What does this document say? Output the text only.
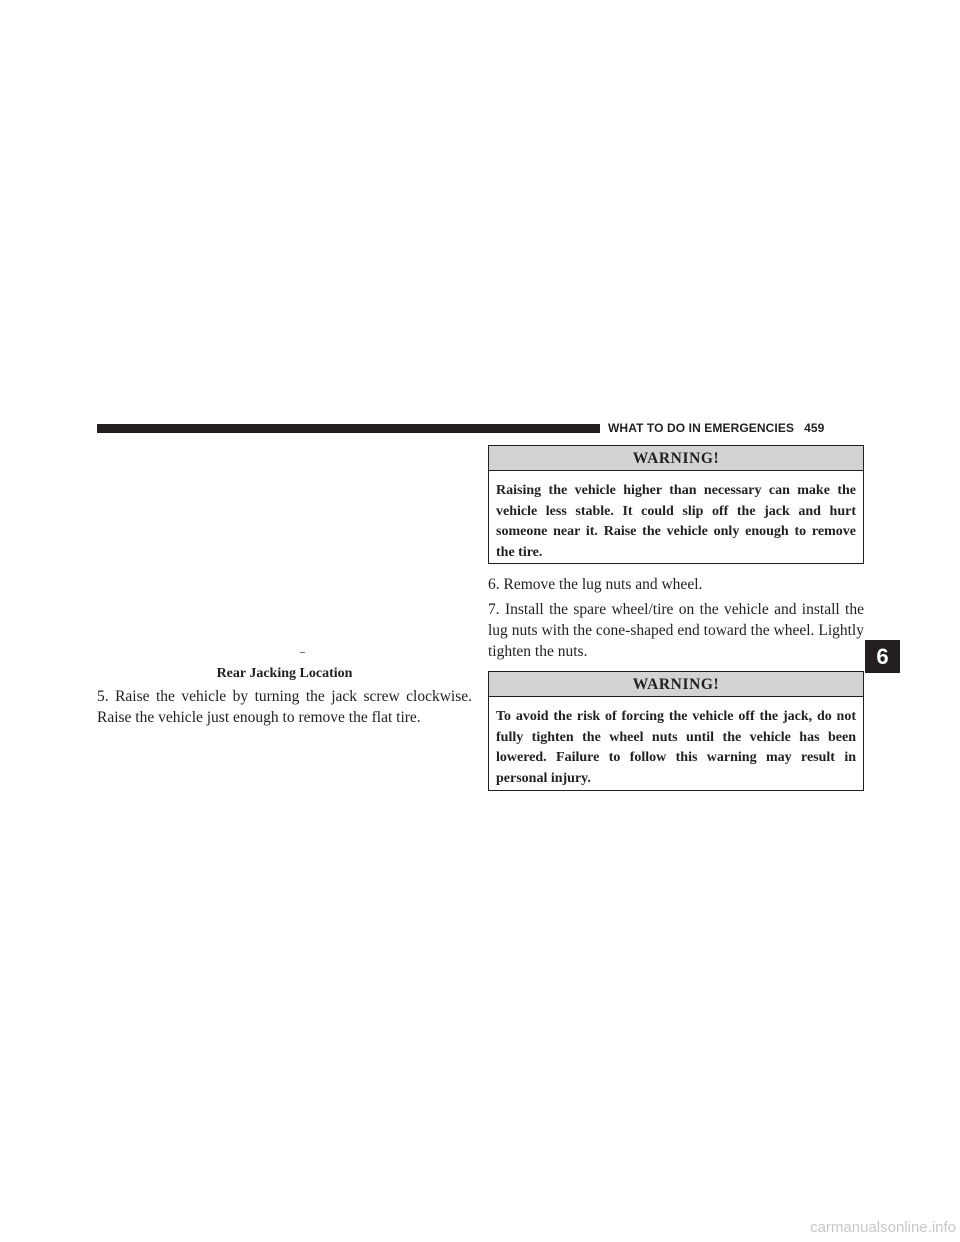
WHAT TO DO IN EMERGENCIES 459
Rear Jacking Location

5. Raise the vehicle by turning the jack screw clockwise. Raise the vehicle just enough to remove the flat tire.

WARNING!
Raising the vehicle higher than necessary can make the vehicle less stable. It could slip off the jack and hurt someone near it. Raise the vehicle only enough to remove the tire.

6. Remove the lug nuts and wheel.

7. Install the spare wheel/tire on the vehicle and install the lug nuts with the cone-shaped end toward the wheel. Lightly tighten the nuts.

WARNING!
To avoid the risk of forcing the vehicle off the jack, do not fully tighten the wheel nuts until the vehicle has been lowered. Failure to follow this warning may result in personal injury.
6
carmanualsonline.info
